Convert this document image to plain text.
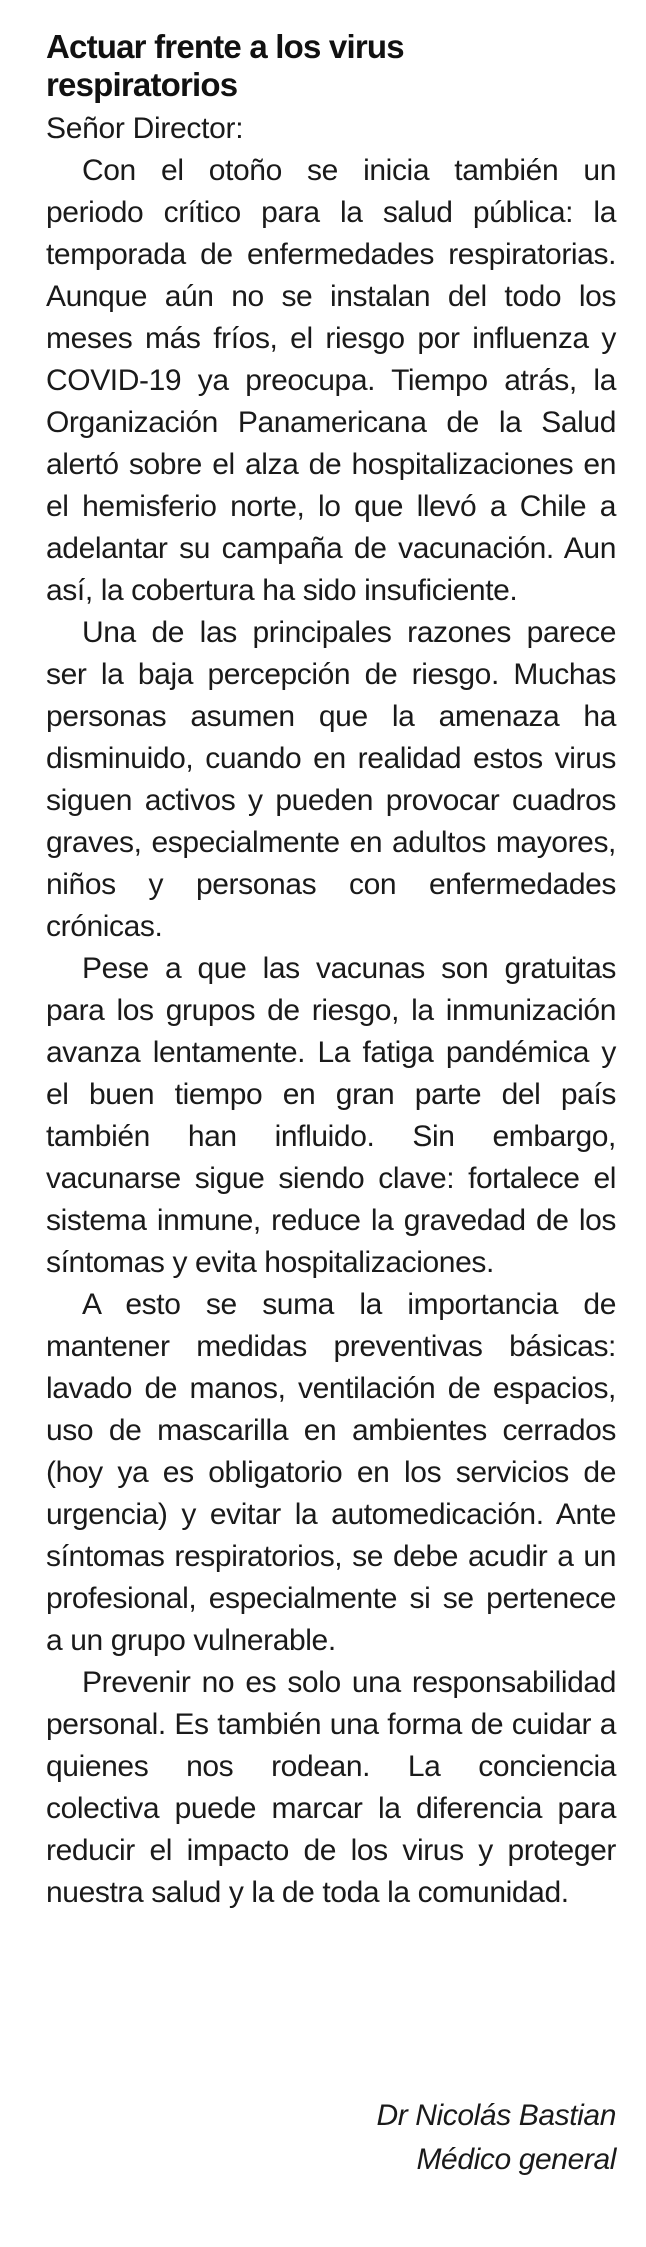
Actuar frente a los virus
respiratorios

Señor Director:

Con el otoño se inicia también un periodo crítico para la salud pública: la temporada de enfermedades respiratorias. Aunque aún no se instalan del todo los meses más fríos, el riesgo por influenza y COVID-19 ya preocupa. Tiempo atrás, la Organización Panamericana de la Salud alertó sobre el alza de hospitalizaciones en el hemisferio norte, lo que llevó a Chile a adelantar su campaña de vacunación. Aun así, la cobertura ha sido insuficiente.

Una de las principales razones parece ser la baja percepción de riesgo. Muchas personas asumen que la amenaza ha disminuido, cuando en realidad estos virus siguen activos y pueden provocar cuadros graves, especialmente en adultos mayores, niños y personas con enfermedades crónicas.

Pese a que las vacunas son gratuitas para los grupos de riesgo, la inmunización avanza lentamente. La fatiga pandémica y el buen tiempo en gran parte del país también han influido. Sin embargo, vacunarse sigue siendo clave: fortalece el sistema inmune, reduce la gravedad de los síntomas y evita hospitalizaciones.

A esto se suma la importancia de mantener medidas preventivas básicas: lavado de manos, ventilación de espacios, uso de mascarilla en ambientes cerrados (hoy ya es obligatorio en los servicios de urgencia) y evitar la automedicación. Ante síntomas respiratorios, se debe acudir a un profesional, especialmente si se pertenece a un grupo vulnerable.

Prevenir no es solo una responsabilidad personal. Es también una forma de cuidar a quienes nos rodean. La conciencia colectiva puede marcar la diferencia para reducir el impacto de los virus y proteger nuestra salud y la de toda la comunidad.

Dr Nicolás Bastian
Médico general
